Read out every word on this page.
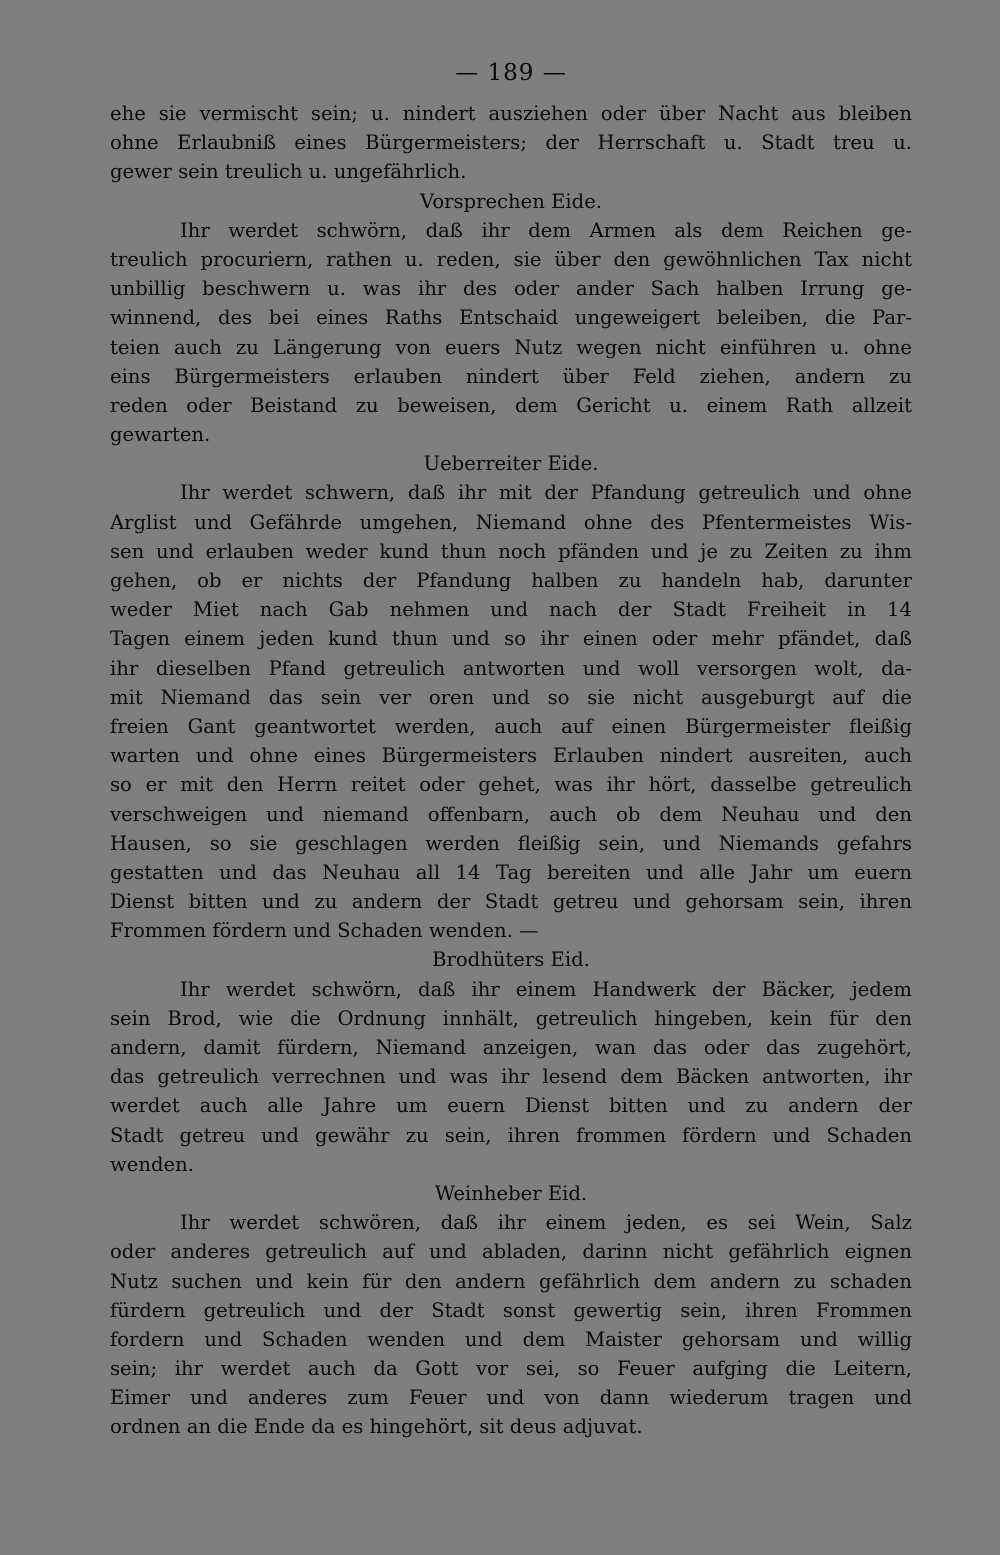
— 189 —
ehe sie vermischt sein; u. nindert ausziehen oder über Nacht aus bleiben
ohne Erlaubniß eines Bürgermeisters; der Herrschaft u. Stadt treu u.
gewer sein treulich u. ungefährlich.
Vorsprechen Eide.
Ihr werdet schwörn, daß ihr dem Armen als dem Reichen ge-
treulich procuriern, rathen u. reden, sie über den gewöhnlichen Tax nicht
unbillig beschwern u. was ihr des oder ander Sach halben Irrung ge-
winnend, des bei eines Raths Entschaid ungeweigert beleiben, die Par-
teien auch zu Längerung von euers Nutz wegen nicht einführen u. ohne
eins Bürgermeisters erlauben nindert über Feld ziehen, andern zu
reden oder Beistand zu beweisen, dem Gericht u. einem Rath allzeit
gewarten.
Ueberreiter Eide.
Ihr werdet schwern, daß ihr mit der Pfandung getreulich und ohne
Arglist und Gefährde umgehen, Niemand ohne des Pfentermeistes Wis-
sen und erlauben weder kund thun noch pfänden und je zu Zeiten zu ihm
gehen, ob er nichts der Pfandung halben zu handeln hab, darunter
weder Miet nach Gab nehmen und nach der Stadt Freiheit in 14
Tagen einem jeden kund thun und so ihr einen oder mehr pfändet, daß
ihr dieselben Pfand getreulich antworten und woll versorgen wolt, da-
mit Niemand das sein ver oren und so sie nicht ausgeburgt auf die
freien Gant geantwortet werden, auch auf einen Bürgermeister fleißig
warten und ohne eines Bürgermeisters Erlauben nindert ausreiten, auch
so er mit den Herrn reitet oder gehet, was ihr hört, dasselbe getreulich
verschweigen und niemand offenbarn, auch ob dem Neuhau und den
Hausen, so sie geschlagen werden fleißig sein, und Niemands gefahrs
gestatten und das Neuhau all 14 Tag bereiten und alle Jahr um euern
Dienst bitten und zu andern der Stadt getreu und gehorsam sein, ihren
Frommen fördern und Schaden wenden. —
Brodhüters Eid.
Ihr werdet schwörn, daß ihr einem Handwerk der Bäcker, jedem
sein Brod, wie die Ordnung innhält, getreulich hingeben, kein für den
andern, damit fürdern, Niemand anzeigen, wan das oder das zugehört,
das getreulich verrechnen und was ihr lesend dem Bäcken antworten, ihr
werdet auch alle Jahre um euern Dienst bitten und zu andern der
Stadt getreu und gewähr zu sein, ihren frommen fördern und Schaden
wenden.
Weinheber Eid.
Ihr werdet schwören, daß ihr einem jeden, es sei Wein, Salz
oder anderes getreulich auf und abladen, darinn nicht gefährlich eignen
Nutz suchen und kein für den andern gefährlich dem andern zu schaden
fürdern getreulich und der Stadt sonst gewertig sein, ihren Frommen
fordern und Schaden wenden und dem Maister gehorsam und willig
sein; ihr werdet auch da Gott vor sei, so Feuer aufging die Leitern,
Eimer und anderes zum Feuer und von dann wiederum tragen und
ordnen an die Ende da es hingehört, sit deus adjuvat.
